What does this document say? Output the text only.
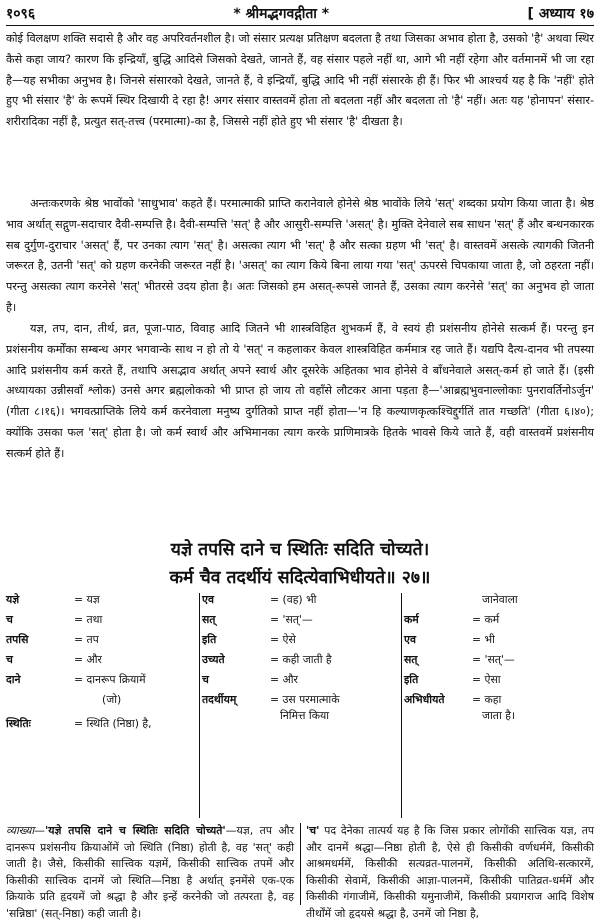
१०९६	* श्रीमद्भगवद्गीता *	[ अध्याय १७

कोई विलक्षण शक्ति सदासे है और वह अपरिवर्तनशील है। जो संसार प्रत्यक्ष प्रतिक्षण बदलता है तथा जिसका अभाव होता है, उसको 'है' अथवा स्थिर कैसे कहा जाय? कारण कि इन्द्रियाँ, बुद्धि आदिसे जिसको देखते, जानते हैं, वह संसार पहले नहीं था, आगे भी नहीं रहेगा और वर्तमानमें भी जा रहा है—यह सभीका अनुभव है। जिनसे संसारको देखते, जानते हैं, वे इन्द्रियाँ, बुद्धि आदि भी नहीं संसारके ही हैं। फिर भी आश्चर्य यह है कि 'नहीं' होते हुए भी संसार 'है' के रूपमें स्थिर दिखायी दे रहा है! अगर संसार वास्तवमें होता तो बदलता नहीं और बदलता तो 'है' नहीं। अतः यह 'होनापन' संसार-शरीरादिका नहीं है, प्रत्युत सत्-तत्त्व (परमात्मा)-का है, जिससे नहीं होते हुए भी संसार 'है' दीखता है।

अन्तःकरणके श्रेष्ठ भावोंको 'साधुभाव' कहते हैं। परमात्माकी प्राप्ति करानेवाले होनेसे श्रेष्ठ भावोंके लिये 'सत्' शब्दका प्रयोग किया जाता है। श्रेष्ठ भाव अर्थात् सद्गुण-सदाचार दैवी-सम्पत्ति है। दैवी-सम्पत्ति 'सत्' है और आसुरी-सम्पत्ति 'असत्' है। मुक्ति देनेवाले सब साधन 'सत्' हैं और बन्धनकारक सब दुर्गुण-दुराचार 'असत्' हैं, पर उनका त्याग 'सत्' है। असत्का त्याग भी 'सत्' है और सत्का ग्रहण भी 'सत्' है। वास्तवमें असत्के त्यागकी जितनी जरूरत है, उतनी 'सत्' को ग्रहण करनेकी जरूरत नहीं है। 'असत्' का त्याग किये बिना लाया गया 'सत्' ऊपरसे चिपकाया जाता है, जो ठहरता नहीं। परन्तु असत्का त्याग करनेसे 'सत्' भीतरसे उदय होता है। अतः जिसको हम असत्-रूपसे जानते हैं, उसका त्याग करनेसे 'सत्' का अनुभव हो जाता है।

यज्ञ, तप, दान, तीर्थ, व्रत, पूजा-पाठ, विवाह आदि जितने भी शास्त्रविहित शुभकर्म हैं, वे स्वयं ही प्रशंसनीय होनेसे सत्कर्म हैं। परन्तु इन प्रशंसनीय कर्मोंका सम्बन्ध अगर भगवान्के साथ न हो तो ये 'सत्' न कहलाकर केवल शास्त्रविहित कर्ममात्र रह जाते हैं। यद्यपि दैत्य-दानव भी तपस्या आदि प्रशंसनीय कर्म करते हैं, तथापि असद्भाव अर्थात् अपने स्वार्थ और दूसरेके अहितका भाव होनेसे वे बाँधनेवाले असत्-कर्म हो जाते हैं। (इसी अध्यायका उन्नीसवाँ श्लोक) उनसे अगर ब्रह्मलोकको भी प्राप्त हो जाय तो वहाँसे लौटकर आना पड़ता है—'आब्रह्मभुवनाल्लोकाः पुनरावर्तिनोऽर्जुन' (गीता ८।१६)। भगवत्प्राप्तिके लिये कर्म करनेवाला मनुष्य दुर्गतिको प्राप्त नहीं होता—'न हि कल्याणकृत्कश्चिद्दुर्गतिं तात गच्छति' (गीता ६।४०); क्योंकि उसका फल 'सत्' होता है। जो कर्म स्वार्थ और अभिमानका त्याग करके प्राणिमात्रके हितके भावसे किये जाते हैं, वही वास्तवमें प्रशंसनीय सत्कर्म होते हैं।

यज्ञे तपसि दाने च स्थितिः सदिति चोच्यते।
कर्म चैव तदर्थीयं सदित्येवाभिधीयते॥ २७॥
यज्ञे	= यज्ञ
च	= तथा
तपसि	= तप
च	= और
दाने	= दानरूप क्रियामें
(जो)
स्थितिः	= स्थिति (निष्ठा) है,
एव	= (वह) भी
सत्	= 'सत्'—
इति	= ऐसे
उच्यते	= कही जाती है
च	= और
तदर्थीयम्	= उस परमात्माके
निमित्त किया
जानेवाला
कर्म	= कर्म
एव	= भी
सत्	= 'सत्'—
इति	= ऐसा
अभिधीयते	= कहा
जाता है।
व्याख्या—'यज्ञे तपसि दाने च स्थितिः सदिति चोच्यते'—यज्ञ, तप और दानरूप प्रशंसनीय क्रियाओंमें जो स्थिति (निष्ठा) होती है, वह 'सत्' कही जाती है। जैसे, किसीकी सात्त्विक यज्ञमें, किसीकी सात्त्विक तपमें और किसीकी सात्त्विक दानमें जो स्थिति—निष्ठा है अर्थात् इनमेंसे एक-एक क्रियाके प्रति हृदयमें जो श्रद्धा है और इन्हें करनेकी जो तत्परता है, वह 'सन्निष्ठा' (सत्-निष्ठा) कही जाती है।
'च' पद देनेका तात्पर्य यह है कि जिस प्रकार लोगोंकी सात्त्विक यज्ञ, तप और दानमें श्रद्धा—निष्ठा होती है, ऐसे ही किसीकी वर्णधर्ममें, किसीकी आश्रमधर्ममें, किसीकी सत्यव्रत-पालनमें, किसीकी अतिथि-सत्कारमें, किसीकी सेवामें, किसीकी आज्ञा-पालनमें, किसीकी पातिव्रत-धर्ममें और किसीकी गंगाजीमें, किसीकी यमुनाजीमें, किसीकी प्रयागराज आदि विशेष तीर्थोंमें जो हृदयसे श्रद्धा है, उनमें जो निष्ठा है,
